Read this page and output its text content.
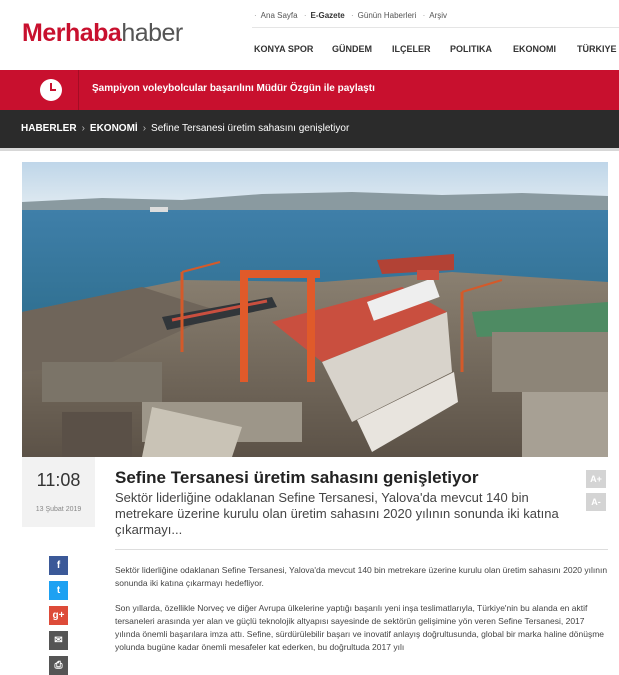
Merhabahaber
· Ana Sayfa · E-Gazete · Günün Haberleri · Arşiv
KONYA SPOR GÜNDEM ILÇELER POLITIKA EKONOMI TÜRKIYE
Şampiyon voleybolcular başarılını Müdür Özgün ile paylaştı
HABERLER › EKONOMİ › Sefine Tersanesi üretim sahasını genişletiyor
11:08
13 Şubat 2019
Sefine Tersanesi üretim sahasını genişletiyor
Sektör liderliğine odaklanan Sefine Tersanesi, Yalova'da mevcut 140 bin metrekare üzerine kurulu olan üretim sahasını 2020 yılının sonunda iki katına çıkarmayı...
A+
A-
Sektör liderliğine odaklanan Sefine Tersanesi, Yalova'da mevcut 140 bin metrekare üzerine kurulu olan üretim sahasını 2020 yılının sonunda iki katına çıkarmayı hedefliyor.
Son yıllarda, özellikle Norveç ve diğer Avrupa ülkelerine yaptığı başarılı yeni inşa teslimatlarıyla, Türkiye'nin bu alanda en aktif tersaneleri arasında yer alan ve güçlü teknolojik altyapısı sayesinde de sektörün gelişimine yön veren Sefine Tersanesi, 2017 yılında önemli başarılara imza attı. Sefine, sürdürülebilir başarı ve inovatif anlayış doğrultusunda, global bir marka haline dönüşme yolunda bugüne kadar önemli mesafeler kat ederken, bu doğrultuda 2017 yılı
f
t
g+
✉
⎙
